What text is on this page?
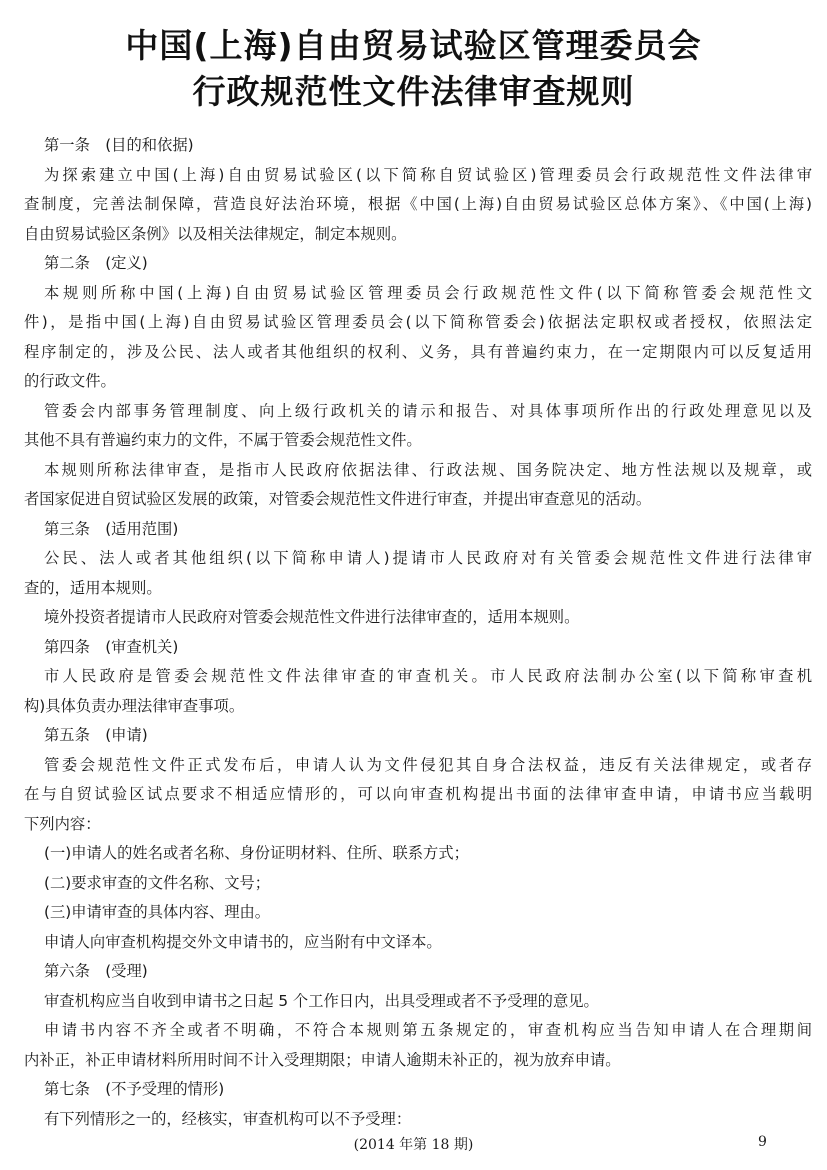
中国(上海)自由贸易试验区管理委员会
行政规范性文件法律审查规则
第一条　(目的和依据)
为探索建立中国(上海)自由贸易试验区(以下简称自贸试验区)管理委员会行政规范性文件法律审
查制度，完善法制保障，营造良好法治环境，根据《中国(上海)自由贸易试验区总体方案》、《中国(上海)
自由贸易试验区条例》以及相关法律规定，制定本规则。
第二条　(定义)
本规则所称中国(上海)自由贸易试验区管理委员会行政规范性文件(以下简称管委会规范性文
件)，是指中国(上海)自由贸易试验区管理委员会(以下简称管委会)依据法定职权或者授权，依照法定
程序制定的，涉及公民、法人或者其他组织的权利、义务，具有普遍约束力，在一定期限内可以反复适用
的行政文件。
管委会内部事务管理制度、向上级行政机关的请示和报告、对具体事项所作出的行政处理意见以及
其他不具有普遍约束力的文件，不属于管委会规范性文件。
本规则所称法律审查，是指市人民政府依据法律、行政法规、国务院决定、地方性法规以及规章，或
者国家促进自贸试验区发展的政策，对管委会规范性文件进行审查，并提出审查意见的活动。
第三条　(适用范围)
公民、法人或者其他组织(以下简称申请人)提请市人民政府对有关管委会规范性文件进行法律审
查的，适用本规则。
境外投资者提请市人民政府对管委会规范性文件进行法律审查的，适用本规则。
第四条　(审查机关)
市人民政府是管委会规范性文件法律审查的审查机关。市人民政府法制办公室(以下简称审查机
构)具体负责办理法律审查事项。
第五条　(申请)
管委会规范性文件正式发布后，申请人认为文件侵犯其自身合法权益，违反有关法律规定，或者存
在与自贸试验区试点要求不相适应情形的，可以向审查机构提出书面的法律审查申请，申请书应当载明
下列内容：
(一)申请人的姓名或者名称、身份证明材料、住所、联系方式；
(二)要求审查的文件名称、文号；
(三)申请审查的具体内容、理由。
申请人向审查机构提交外文申请书的，应当附有中文译本。
第六条　(受理)
审查机构应当自收到申请书之日起 5 个工作日内，出具受理或者不予受理的意见。
申请书内容不齐全或者不明确，不符合本规则第五条规定的，审查机构应当告知申请人在合理期间
内补正，补正申请材料所用时间不计入受理期限；申请人逾期未补正的，视为放弃申请。
第七条　(不予受理的情形)
有下列情形之一的，经核实，审查机构可以不予受理：
(2014 年第 18 期)	9
